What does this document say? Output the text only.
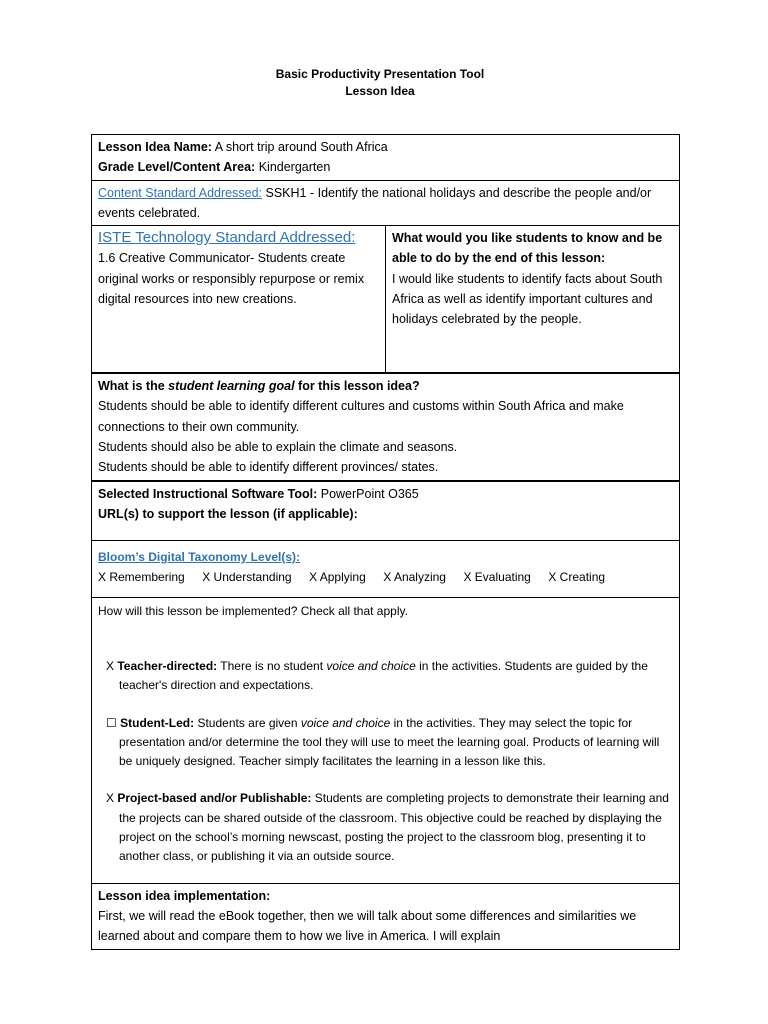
Basic Productivity Presentation Tool
Lesson Idea
Lesson Idea Name: A short trip around South Africa
Grade Level/Content Area: Kindergarten

Content Standard Addressed: SSKH1 - Identify the national holidays and describe the people and/or events celebrated.

ISTE Technology Standard Addressed:
1.6 Creative Communicator- Students create original works or responsibly repurpose or remix digital resources into new creations.

What would you like students to know and be able to do by the end of this lesson:
I would like students to identify facts about South Africa as well as identify important cultures and holidays celebrated by the people.

What is the student learning goal for this lesson idea?
Students should be able to identify different cultures and customs within South Africa and make connections to their own community.
Students should also be able to explain the climate and seasons.
Students should be able to identify different provinces/ states.

Selected Instructional Software Tool: PowerPoint O365
URL(s) to support the lesson (if applicable):

Bloom’s Digital Taxonomy Level(s):
X Remembering X Understanding X Applying X Analyzing X Evaluating X Creating

How will this lesson be implemented? Check all that apply.

X Teacher-directed: There is no student voice and choice in the activities. Students are guided by the teacher's direction and expectations.

☐ Student-Led: Students are given voice and choice in the activities. They may select the topic for presentation and/or determine the tool they will use to meet the learning goal. Products of learning will be uniquely designed. Teacher simply facilitates the learning in a lesson like this.

X Project-based and/or Publishable: Students are completing projects to demonstrate their learning and the projects can be shared outside of the classroom. This objective could be reached by displaying the project on the school’s morning newscast, posting the project to the classroom blog, presenting it to another class, or publishing it via an outside source.

Lesson idea implementation:
First, we will read the eBook together, then we will talk about some differences and similarities we learned about and compare them to how we live in America. I will explain
